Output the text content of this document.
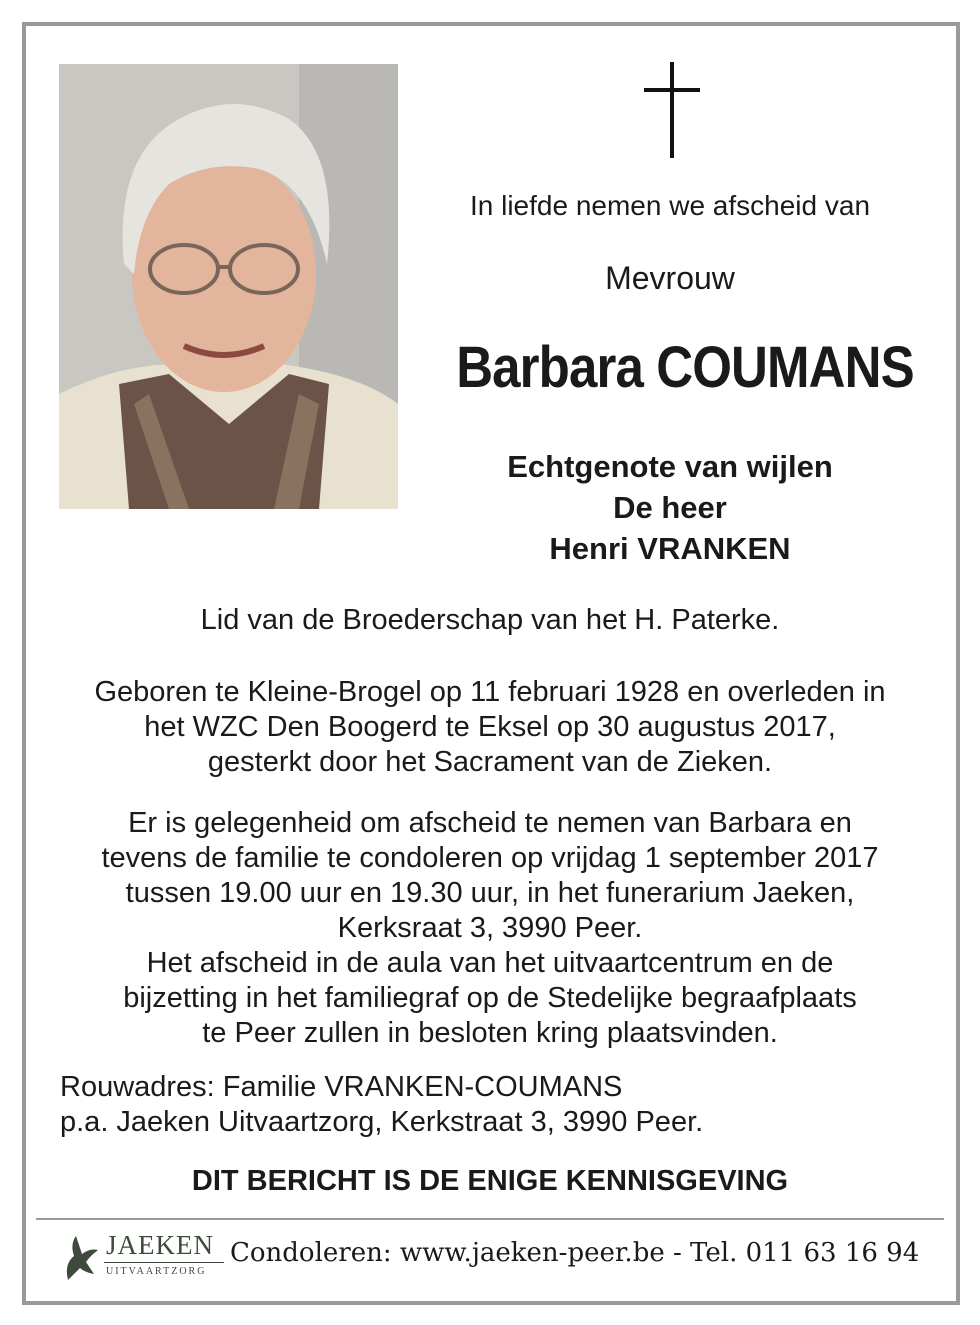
In liefde nemen we afscheid van
Mevrouw
Barbara COUMANS
Echtgenote van wijlen
De heer
Henri VRANKEN
Lid van de Broederschap van het H. Paterke.
Geboren te Kleine-Brogel op 11 februari 1928 en overleden in
het WZC Den Boogerd te Eksel op 30 augustus 2017,
gesterkt door het Sacrament van de Zieken.
Er is gelegenheid om afscheid te nemen van Barbara en
tevens de familie te condoleren op vrijdag 1 september 2017
tussen 19.00 uur en 19.30 uur, in het funerarium Jaeken,
Kerksraat 3, 3990 Peer.
Het afscheid in de aula van het uitvaartcentrum en de
bijzetting in het familiegraf op de Stedelijke begraafplaats
te Peer zullen in besloten kring plaatsvinden.
Rouwadres: Familie VRANKEN-COUMANS
p.a. Jaeken Uitvaartzorg, Kerkstraat 3, 3990 Peer.
DIT BERICHT IS DE ENIGE KENNISGEVING
JAEKEN
UITVAARTZORG
Condoleren: www.jaeken-peer.be - Tel. 011 63 16 94
